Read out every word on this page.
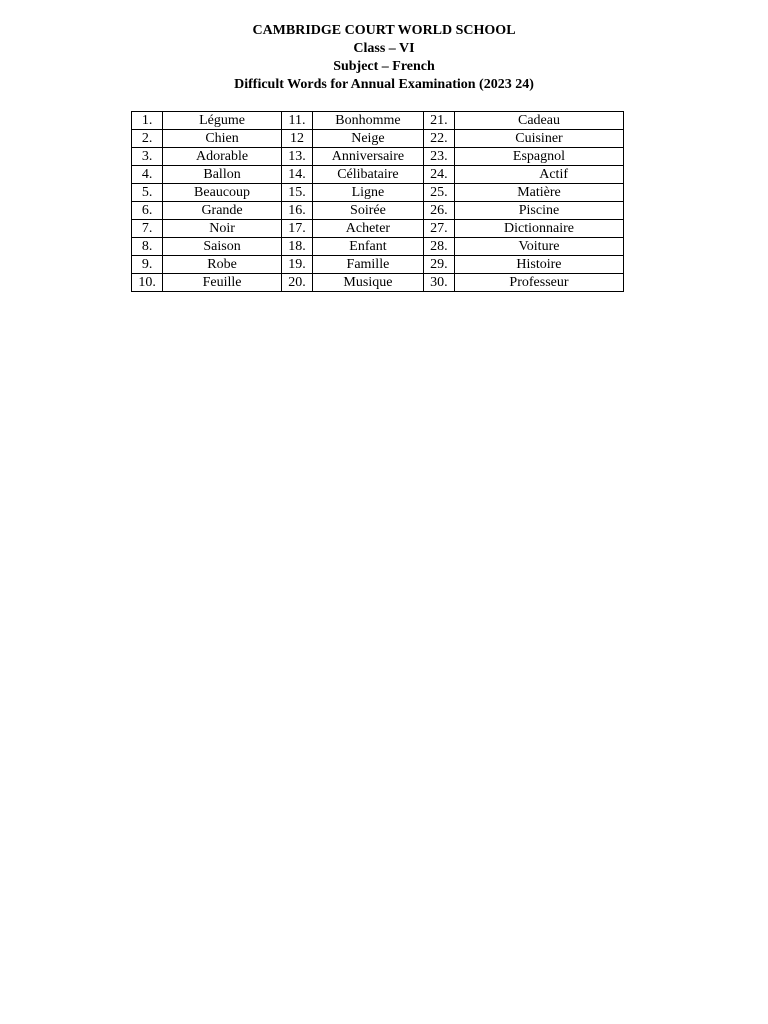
CAMBRIDGE COURT WORLD SCHOOL
Class – VI
Subject – French
Difficult Words for Annual Examination (2023 24)
1.	Légume	11.	Bonhomme	21.	Cadeau
2.	Chien	12	Neige	22.	Cuisiner
3.	Adorable	13.	Anniversaire	23.	Espagnol
4.	Ballon	14.	Célibataire	24.	Actif
5.	Beaucoup	15.	Ligne	25.	Matière
6.	Grande	16.	Soirée	26.	Piscine
7.	Noir	17.	Acheter	27.	Dictionnaire
8.	Saison	18.	Enfant	28.	Voiture
9.	Robe	19.	Famille	29.	Histoire
10.	Feuille	20.	Musique	30.	Professeur
